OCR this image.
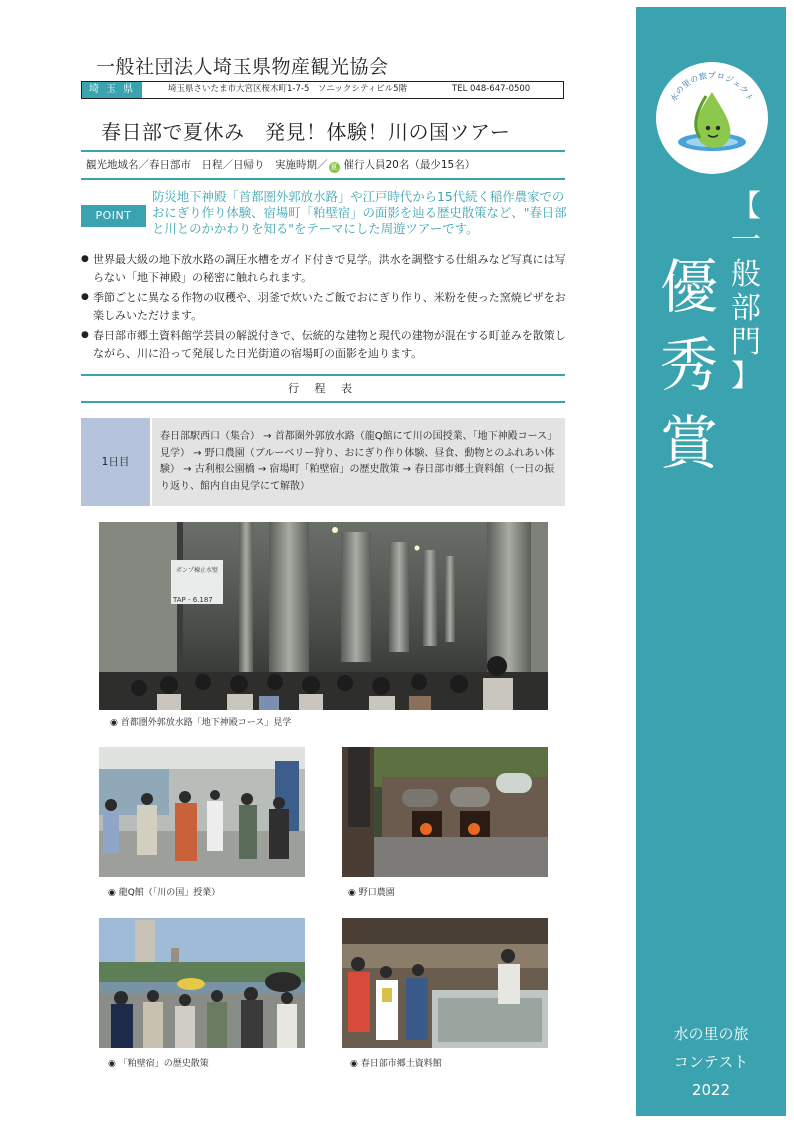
水の里の旅プロジェクト
【
一
般
部
門
】
優
秀
賞
水の里の旅
コンテスト
2022
一般社団法人埼玉県物産観光協会
埼 玉 県	埼玉県さいたま市大宮区桜木町1-7-5　ソニックシティビル5階	TEL 048-647-0500
春日部で夏休み　発見！体験！川の国ツアー
観光地域名／春日部市　日程／日帰り　実施時期／ 夏 催行人員20名（最少15名）
POINT
防災地下神殿「首都圏外郭放水路」や江戸時代から15代続く稲作農家でのおにぎり作り体験、宿場町「粕壁宿」の面影を辿る歴史散策など、"春日部と川とのかかわりを知る"をテーマにした周遊ツアーです。
● 世界最大級の地下放水路の調圧水槽をガイド付きで見学。洪水を調整する仕組みなど写真には写らない「地下神殿」の秘密に触れられます。
● 季節ごとに異なる作物の収穫や、羽釜で炊いたご飯でおにぎり作り、米粉を使った窯焼ピザをお楽しみいただけます。
● 春日部市郷土資料館学芸員の解説付きで、伝統的な建物と現代の建物が混在する町並みを散策しながら、川に沿って発展した日光街道の宿場町の面影を辿ります。
行 程 表
1日目
春日部駅西口（集合） → 首都圏外郭放水路（龍Q館にて川の国授業、「地下神殿コース」見学） → 野口農園（ブルーベリー狩り、おにぎり作り体験、昼食、動物とのふれあい体験） → 古利根公園橋 → 宿場町「粕壁宿」の歴史散策 → 春日部市郷土資料館（一日の振り返り、館内自由見学にて解散）
ポンプ棟止水壁
TAP - 6.187
◉ 首都圏外郭放水路「地下神殿コース」見学
◉ 龍Q館（「川の国」授業）	◉ 野口農園
◉ 「粕壁宿」の歴史散策	◉ 春日部市郷土資料館
